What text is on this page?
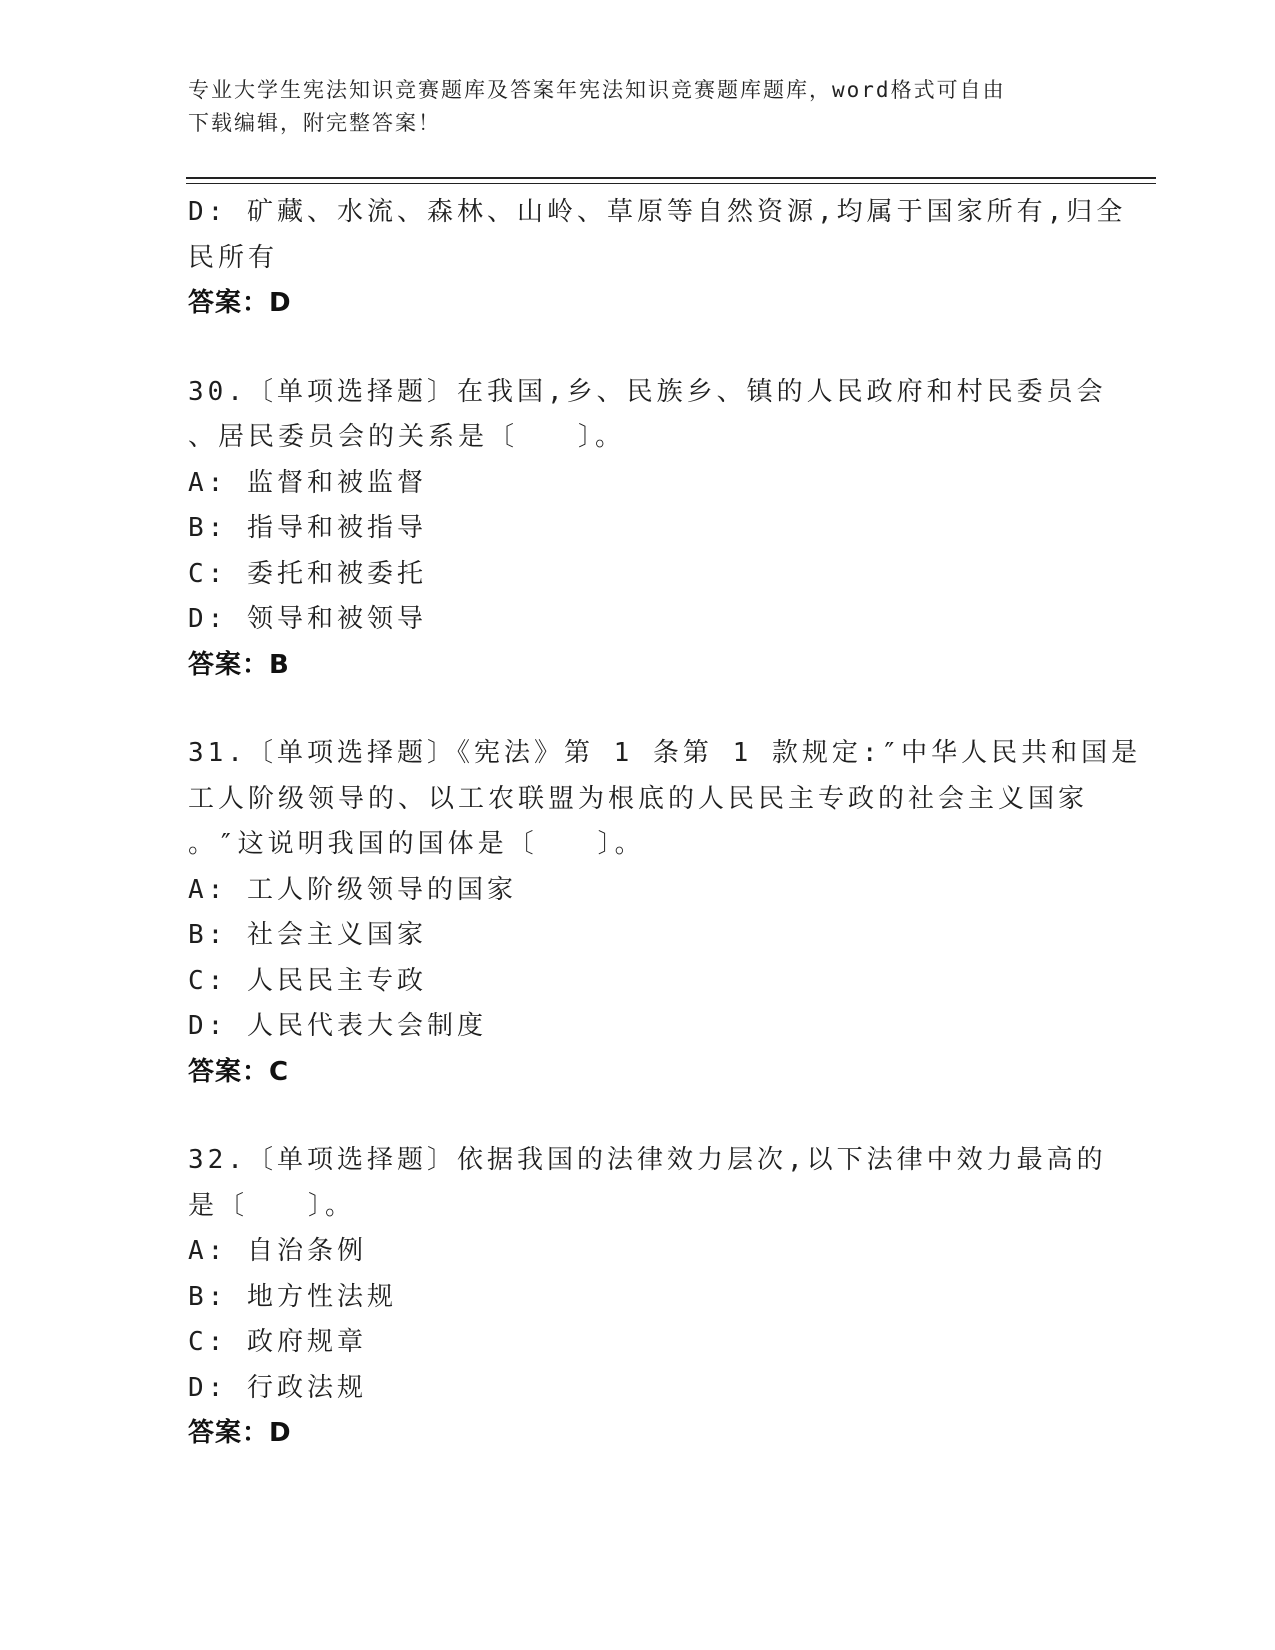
专业大学生宪法知识竞赛题库及答案年宪法知识竞赛题库题库，word格式可自由
下载编辑，附完整答案！
D: 矿藏、水流、森林、山岭、草原等自然资源,均属于国家所有,归全
民所有
答案：D
30.〔单项选择题〕在我国,乡、民族乡、镇的人民政府和村民委员会
、居民委员会的关系是〔　　〕。
A: 监督和被监督
B: 指导和被指导
C: 委托和被委托
D: 领导和被领导
答案：B
31.〔单项选择题〕《宪法》第 1 条第 1 款规定:″中华人民共和国是
工人阶级领导的、以工农联盟为根底的人民民主专政的社会主义国家
。″这说明我国的国体是〔　　〕。
A: 工人阶级领导的国家
B: 社会主义国家
C: 人民民主专政
D: 人民代表大会制度
答案：C
32.〔单项选择题〕依据我国的法律效力层次,以下法律中效力最高的
是〔　　〕。
A: 自治条例
B: 地方性法规
C: 政府规章
D: 行政法规
答案：D
